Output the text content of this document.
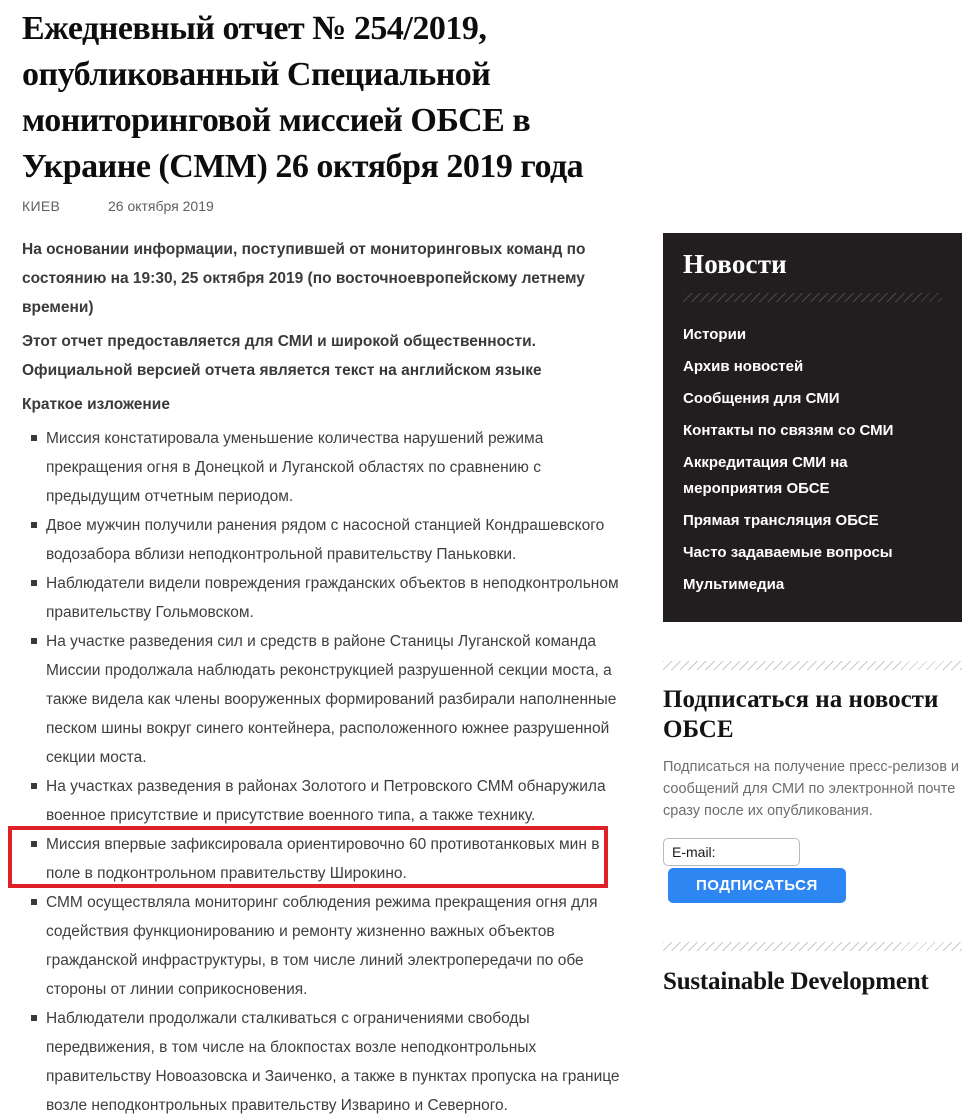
Ежедневный отчет № 254/2019, опубликованный Специальной мониторинговой миссией ОБСЕ в Украине (СММ) 26 октября 2019 года
КИЕВ	26 октября 2019

На основании информации, поступившей от мониторинговых команд по состоянию на 19:30, 25 октября 2019 (по восточноевропейскому летнему времени)

Этот отчет предоставляется для СМИ и широкой общественности. Официальной версией отчета является текст на английском языке

Краткое изложение

Миссия констатировала уменьшение количества нарушений режима прекращения огня в Донецкой и Луганской областях по сравнению с предыдущим отчетным периодом.
Двое мужчин получили ранения рядом с насосной станцией Кондрашевского водозабора вблизи неподконтрольной правительству Паньковки.
Наблюдатели видели повреждения гражданских объектов в неподконтрольном правительству Гольмовском.
На участке разведения сил и средств в районе Станицы Луганской команда Миссии продолжала наблюдать реконструкцией разрушенной секции моста, а также видела как члены вооруженных формирований разбирали наполненные песком шины вокруг синего контейнера, расположенного южнее разрушенной секции моста.
На участках разведения в районах Золотого и Петровского СММ обнаружила военное присутствие и присутствие военного типа, а также технику.
Миссия впервые зафиксировала ориентировочно 60 противотанковых мин в поле в подконтрольном правительству Широкино.
СММ осуществляла мониторинг соблюдения режима прекращения огня для содействия функционированию и ремонту жизненно важных объектов гражданской инфраструктуры, в том числе линий электропередачи по обе стороны от линии соприкосновения.
Наблюдатели продолжали сталкиваться с ограничениями свободы передвижения, в том числе на блокпостах возле неподконтрольных правительству Новоазовска и Заиченко, а также в пунктах пропуска на границе возле неподконтрольных правительству Изварино и Северного.
Новости
Истории
Архив новостей
Сообщения для СМИ
Контакты по связям со СМИ
Аккредитация СМИ на мероприятия ОБСЕ
Прямая трансляция ОБСЕ
Часто задаваемые вопросы
Мультимедиа
Подписаться на новости ОБСЕ

Подписаться на получение пресс-релизов и сообщений для СМИ по электронной почте сразу после их опубликования.

E-mail: ПОДПИСАТЬСЯ
Sustainable Development
